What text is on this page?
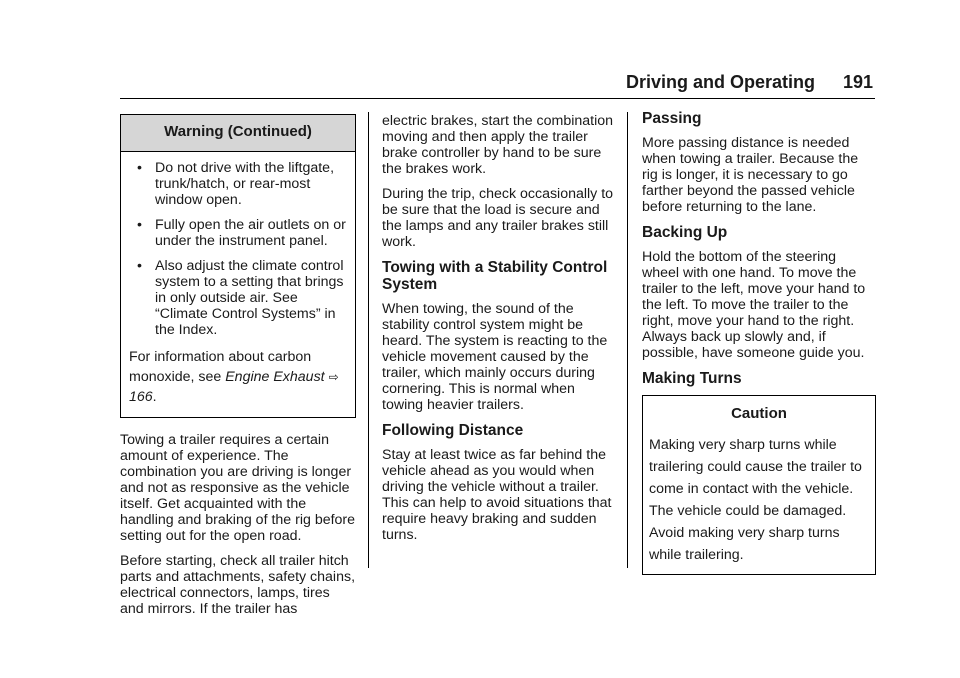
Driving and Operating 191
Warning (Continued)
• Do not drive with the liftgate, trunk/hatch, or rear-most window open.
• Fully open the air outlets on or under the instrument panel.
• Also adjust the climate control system to a setting that brings in only outside air. See “Climate Control Systems” in the Index.

For information about carbon monoxide, see Engine Exhaust ⇨ 166.

Towing a trailer requires a certain amount of experience. The combination you are driving is longer and not as responsive as the vehicle itself. Get acquainted with the handling and braking of the rig before setting out for the open road.

Before starting, check all trailer hitch parts and attachments, safety chains, electrical connectors, lamps, tires and mirrors. If the trailer has

electric brakes, start the combination moving and then apply the trailer brake controller by hand to be sure the brakes work.

During the trip, check occasionally to be sure that the load is secure and the lamps and any trailer brakes still work.

Towing with a Stability Control System

When towing, the sound of the stability control system might be heard. The system is reacting to the vehicle movement caused by the trailer, which mainly occurs during cornering. This is normal when towing heavier trailers.

Following Distance

Stay at least twice as far behind the vehicle ahead as you would when driving the vehicle without a trailer. This can help to avoid situations that require heavy braking and sudden turns.

Passing

More passing distance is needed when towing a trailer. Because the rig is longer, it is necessary to go farther beyond the passed vehicle before returning to the lane.

Backing Up

Hold the bottom of the steering wheel with one hand. To move the trailer to the left, move your hand to the left. To move the trailer to the right, move your hand to the right. Always back up slowly and, if possible, have someone guide you.

Making Turns
Caution

Making very sharp turns while trailering could cause the trailer to come in contact with the vehicle. The vehicle could be damaged. Avoid making very sharp turns while trailering.
